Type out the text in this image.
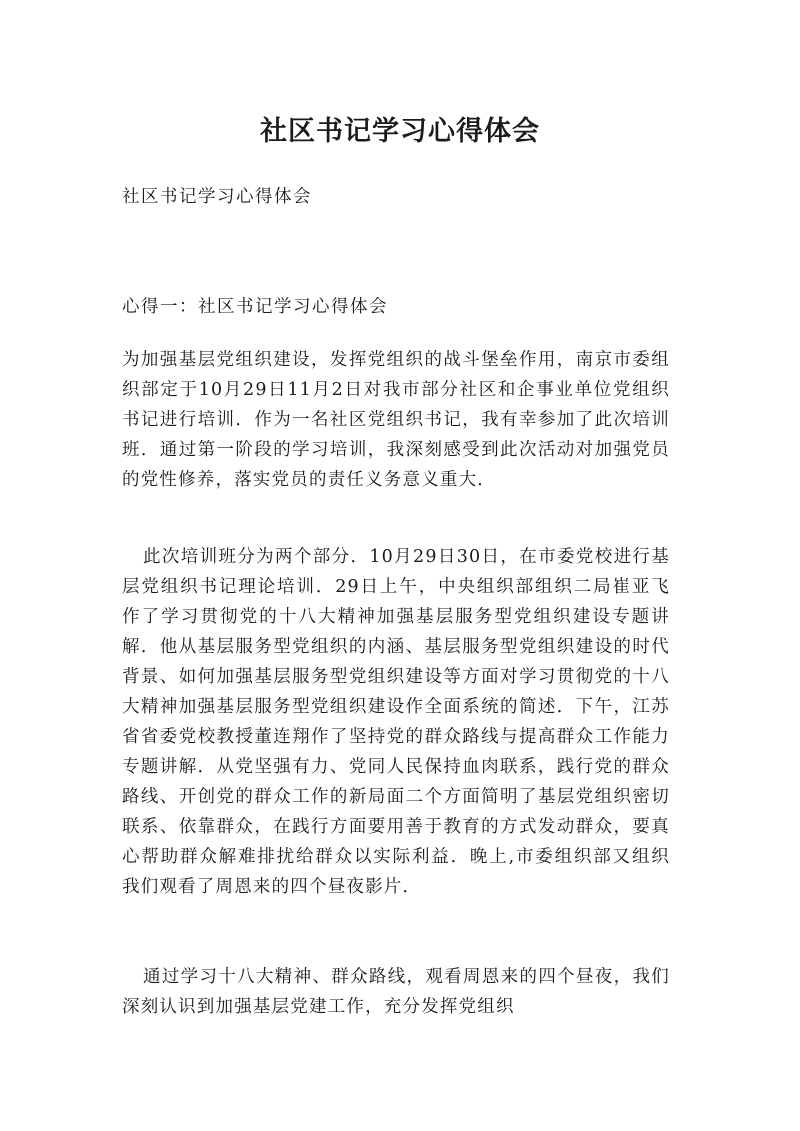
社区书记学习心得体会
社区书记学习心得体会
心得一：社区书记学习心得体会

为加强基层党组织建设，发挥党组织的战斗堡垒作用，南京市委组织部定于10月29日11月2日对我市部分社区和企事业单位党组织书记进行培训．作为一名社区党组织书记，我有幸参加了此次培训班．通过第一阶段的学习培训，我深刻感受到此次活动对加强党员的党性修养，落实党员的责任义务意义重大．

此次培训班分为两个部分．10月29日30日，在市委党校进行基层党组织书记理论培训．29日上午，中央组织部组织二局崔亚飞作了学习贯彻党的十八大精神加强基层服务型党组织建设专题讲解．他从基层服务型党组织的内涵、基层服务型党组织建设的时代背景、如何加强基层服务型党组织建设等方面对学习贯彻党的十八大精神加强基层服务型党组织建设作全面系统的简述．下午，江苏省省委党校教授董连翔作了坚持党的群众路线与提高群众工作能力专题讲解．从党坚强有力、党同人民保持血肉联系，践行党的群众路线、开创党的群众工作的新局面二个方面简明了基层党组织密切联系、依靠群众，在践行方面要用善于教育的方式发动群众，要真心帮助群众解难排扰给群众以实际利益．晚上,市委组织部又组织我们观看了周恩来的四个昼夜影片．

通过学习十八大精神、群众路线，观看周恩来的四个昼夜，我们深刻认识到加强基层党建工作，充分发挥党组织
